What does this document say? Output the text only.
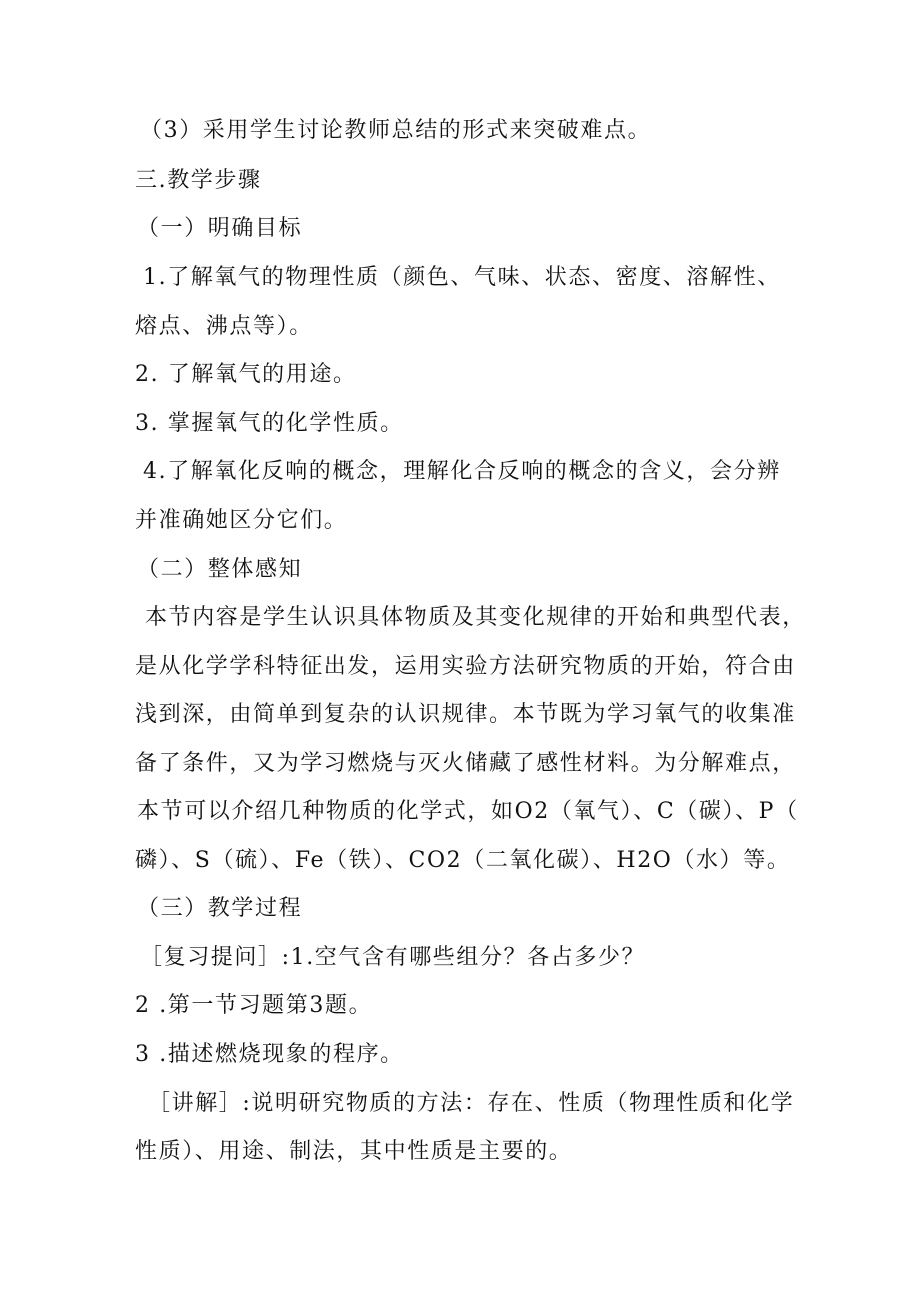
（3）采用学生讨论教师总结的形式来突破难点。
三.教学步骤
（一）明确目标
1.了解氧气的物理性质（颜色、气味、状态、密度、溶解性、
熔点、沸点等）。
2. 了解氧气的用途。
3. 掌握氧气的化学性质。
4.了解氧化反响的概念，理解化合反响的概念的含义，会分辨
并准确她区分它们。
（二）整体感知
本节内容是学生认识具体物质及其变化规律的开始和典型代表，
是从化学学科特征出发，运用实验方法研究物质的开始，符合由
浅到深，由简单到复杂的认识规律。本节既为学习氧气的收集准
备了条件，又为学习燃烧与灭火储藏了感性材料。为分解难点，
本节可以介绍几种物质的化学式，如O2（氧气）、C（碳）、P（
磷）、S（硫）、Fe（铁）、CO2（二氧化碳）、H2O（水）等。
（三）教学过程
［复习提问］:1.空气含有哪些组分？各占多少？
2 .第一节习题第3题。
3 .描述燃烧现象的程序。
［讲解］:说明研究物质的方法：存在、性质（物理性质和化学
性质）、用途、制法，其中性质是主要的。
